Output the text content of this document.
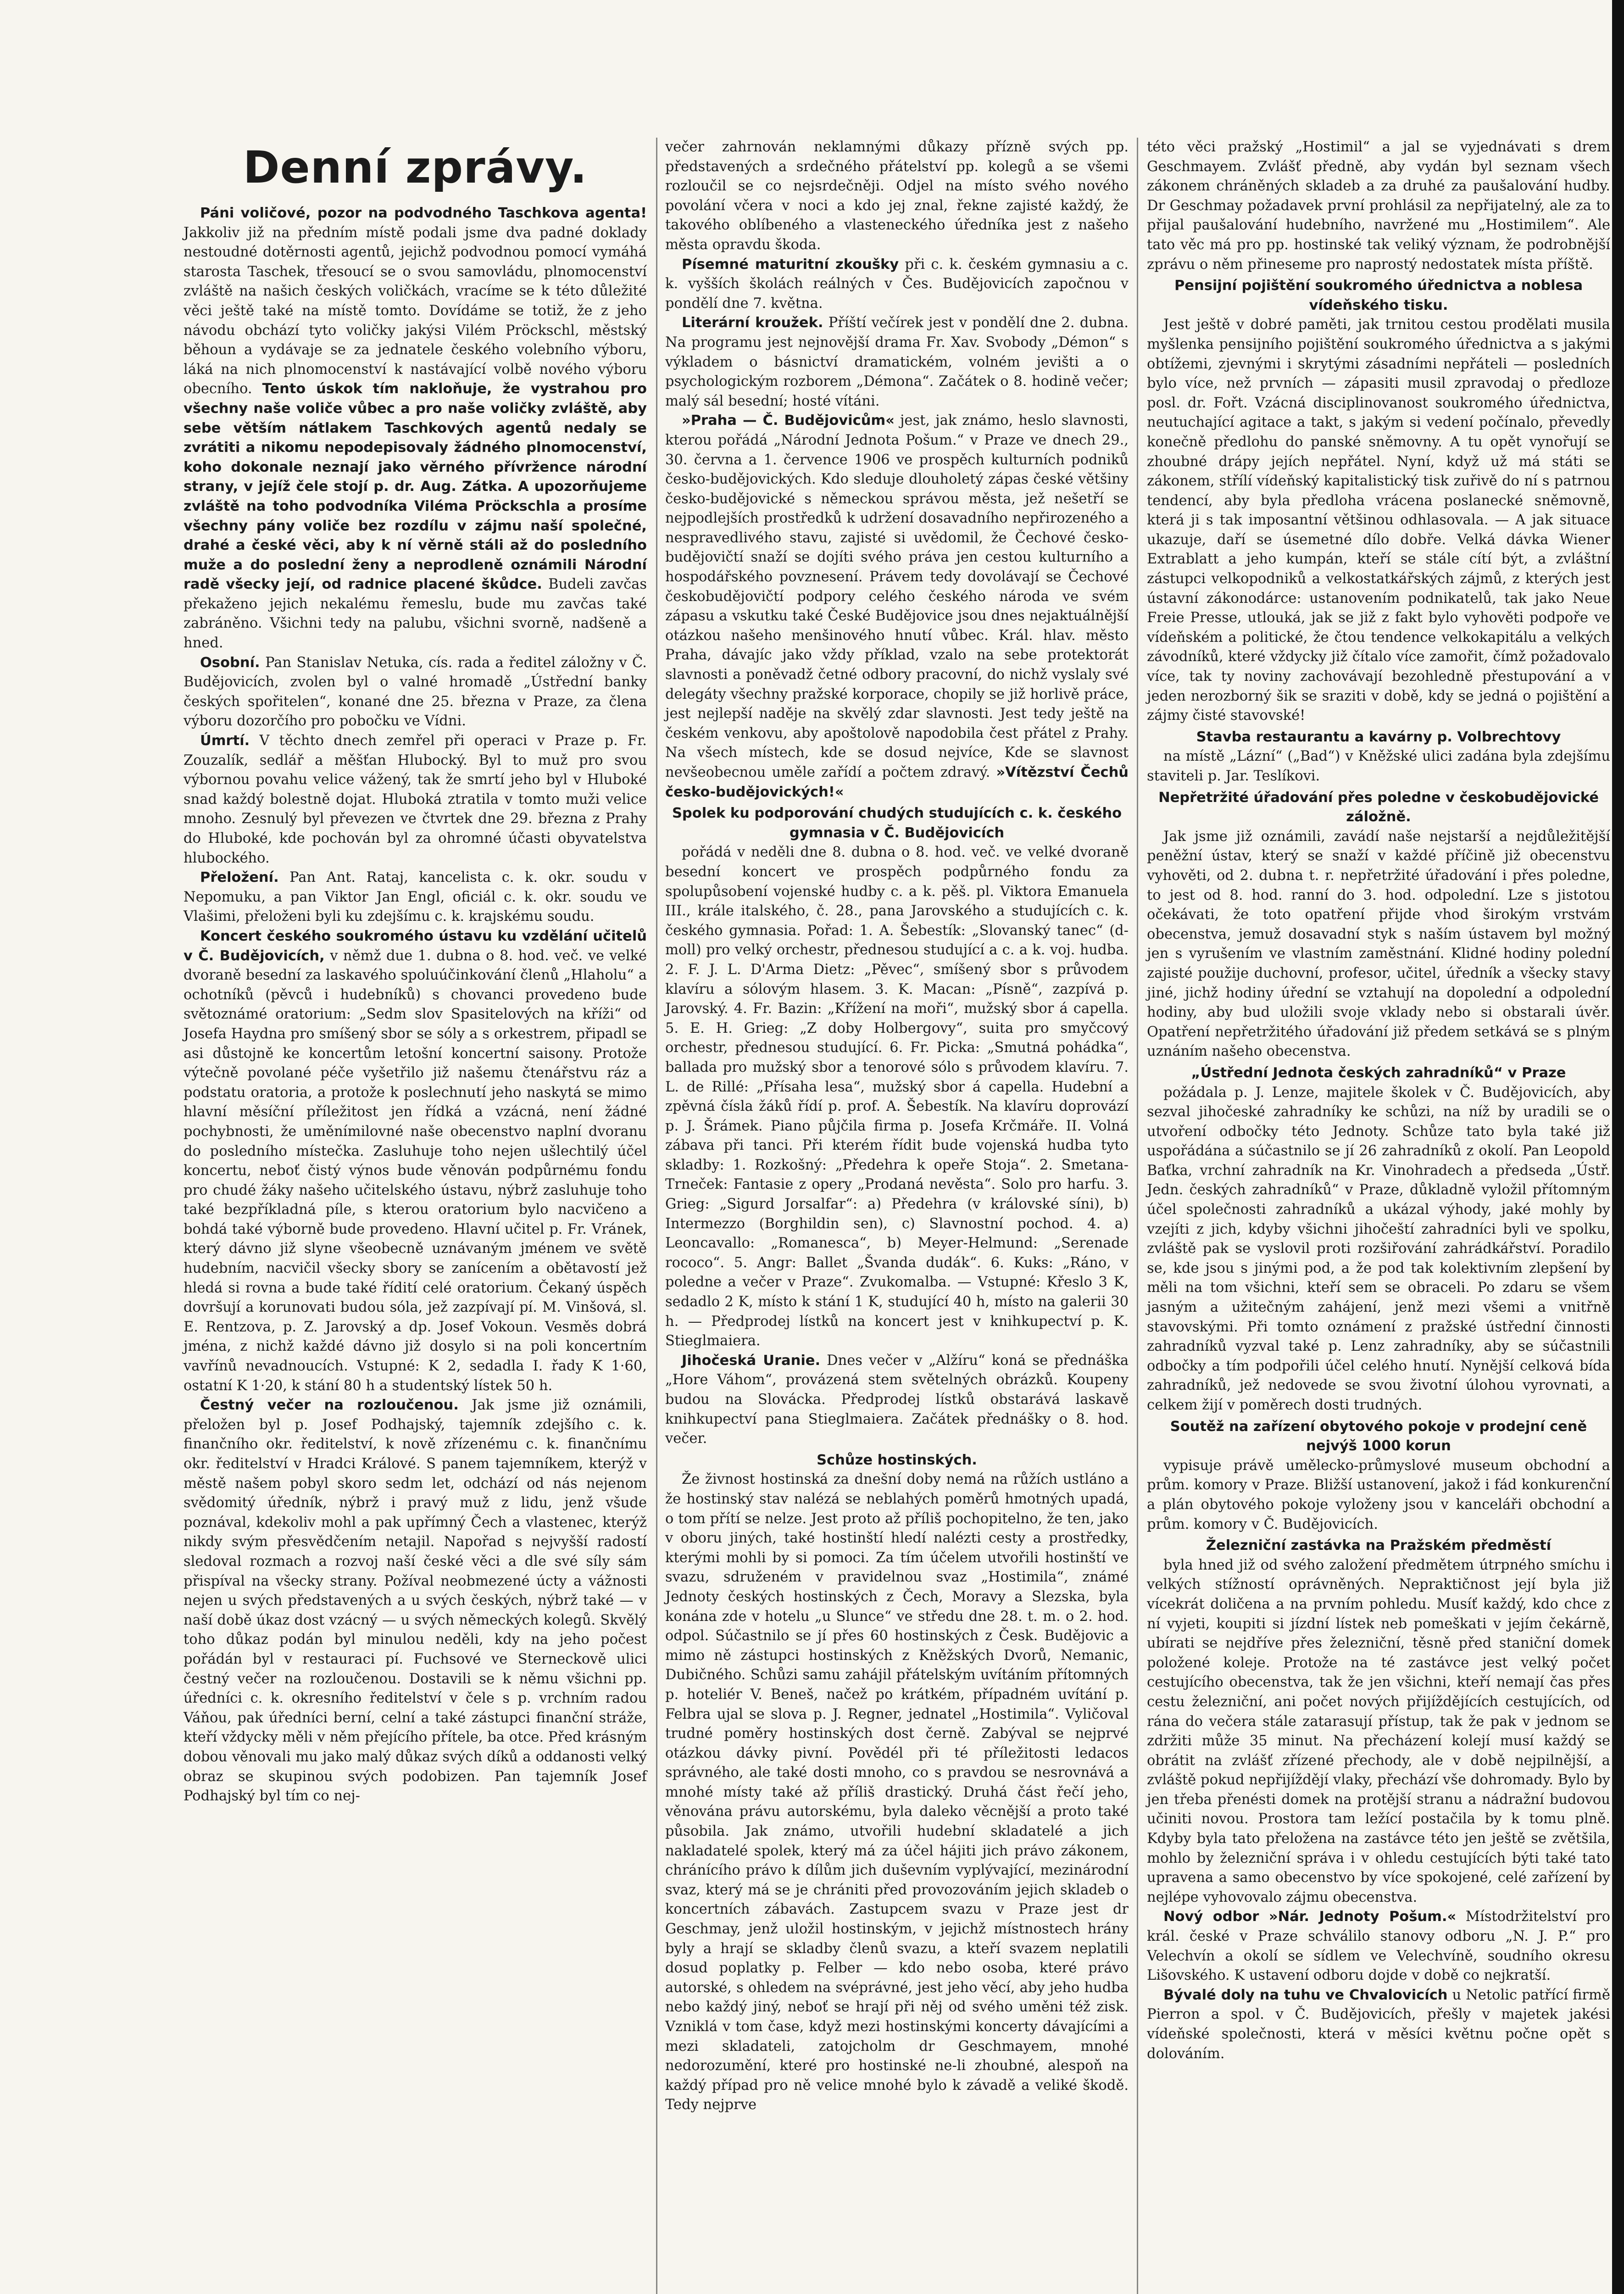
Denní zprávy.

Páni voličové, pozor na podvodného Taschkova agenta! Jakkoliv již na předním místě podali jsme dva padné doklady nestoudné dotěrnosti agentů, jejichž podvodnou pomocí vymáhá starosta Taschek, třesoucí se o svou samovládu, plnomocenství zvláště na našich českých voličkách, vracíme se k této důležité věci ještě také na místě tomto. Dovídáme se totiž, že z jeho návodu obchází tyto voličky jakýsi Vilém Pröckschl, městský běhoun a vydávaje se za jednatele českého volebního výboru, láká na nich plnomocenství k nastávající volbě nového výboru obecního. Tento úskok tím nakloňuje, že vystrahou pro všechny naše voliče vůbec a pro naše voličky zvláště, aby sebe větším nátlakem Taschkových agentů nedaly se zvrátiti a nikomu nepodepisovaly žádného plnomocenství, koho dokonale neznají jako věrného přívržence národní strany, v jejíž čele stojí p. dr. Aug. Zátka. A upozorňujeme zvláště na toho podvodníka Viléma Pröckschla a prosíme všechny pány voliče bez rozdílu v zájmu naší společné, drahé a české věci, aby k ní věrně stáli až do posledního muže a do poslední ženy a neprodleně oznámili Národní radě všecky její, od radnice placené škůdce. Budeli zavčas překaženo jejich nekalému řemeslu, bude mu zavčas také zabráněno. Všichni tedy na palubu, všichni svorně, nadšeně a hned.

Osobní. Pan Stanislav Netuka, cís. rada a ředitel záložny v Č. Budějovicích, zvolen byl o valné hromadě „Ústřední banky českých spořitelen“, konané dne 25. března v Praze, za člena výboru dozorčího pro pobočku ve Vídni.

Úmrtí. V těchto dnech zemřel při operaci v Praze p. Fr. Zouzalík, sedlář a měšťan Hlubocký. Byl to muž pro svou výbornou povahu velice vážený, tak že smrtí jeho byl v Hluboké snad každý bolestně dojat. Hluboká ztratila v tomto muži velice mnoho. Zesnulý byl převezen ve čtvrtek dne 29. března z Prahy do Hluboké, kde pochován byl za ohromné účasti obyvatelstva hlubockého.

Přeložení. Pan Ant. Rataj, kancelista c. k. okr. soudu v Nepomuku, a pan Viktor Jan Engl, oficiál c. k. okr. soudu ve Vlašimi, přeloženi byli ku zdejšímu c. k. krajskému soudu.

Koncert českého soukromého ústavu ku vzdělání učitelů v Č. Budějovicích, v němž due 1. dubna o 8. hod. več. ve velké dvoraně besední za laskavého spoluúčinkování členů „Hlaholu“ a ochotníků (pěvců i hudebníků) s chovanci provedeno bude světoznámé oratorium: „Sedm slov Spasitelových na kříži“ od Josefa Haydna pro smíšený sbor se sóly a s orkestrem, připadl se asi důstojně ke koncertům letošní koncertní saisony. Protože výtečně povolané péče vyšetřilo již našemu čtenářstvu ráz a podstatu oratoria, a protože k poslechnutí jeho naskytá se mimo hlavní měsíční příležitost jen řídká a vzácná, není žádné pochybnosti, že uměnímilovné naše obecenstvo naplní dvoranu do posledního místečka. Zasluhuje toho nejen ušlechtilý účel koncertu, neboť čistý výnos bude věnován podpůrnému fondu pro chudé žáky našeho učitelského ústavu, nýbrž zasluhuje toho také bezpříkladná píle, s kterou oratorium bylo nacvičeno a bohdá také výborně bude provedeno. Hlavní učitel p. Fr. Vránek, který dávno již slyne všeobecně uznávaným jménem ve světě hudebním, nacvičil všecky sbory se zanícením a obětavostí jež hledá si rovna a bude také řídití celé oratorium. Čekaný úspěch dovršují a korunovati budou sóla, jež zazpívají pí. M. Vinšová, sl. E. Rentzova, p. Z. Jarovský a dp. Josef Vokoun. Vesměs dobrá jména, z nichž každé dávno již dosylo si na poli koncertním vavřínů nevadnoucích. Vstupné: K 2, sedadla I. řady K 1·60, ostatní K 1·20, k stání 80 h a studentský lístek 50 h.

Čestný večer na rozloučenou. Jak jsme již oznámili, přeložen byl p. Josef Podhajský, tajemník zdejšího c. k. finančního okr. ředitelství, k nově zřízenému c. k. finančnímu okr. ředitelství v Hradci Králové. S panem tajemníkem, kterýž v městě našem pobyl skoro sedm let, odchází od nás nejenom svědomitý úředník, nýbrž i pravý muž z lidu, jenž všude poznával, kdekoliv mohl a pak upřímný Čech a vlastenec, kterýž nikdy svým přesvědčením netajil. Napořad s nejvyšší radostí sledoval rozmach a rozvoj naší české věci a dle své síly sám přispíval na všecky strany. Požíval neobmezené úcty a vážnosti nejen u svých představených a u svých českých, nýbrž také — v naší době úkaz dost vzácný — u svých německých kolegů. Skvělý toho důkaz podán byl minulou neděli, kdy na jeho počest pořádán byl v restauraci pí. Fuchsové ve Sterneckově ulici čestný večer na rozloučenou. Dostavili se k němu všichni pp. úředníci c. k. okresního ředitelství v čele s p. vrchním radou Váňou, pak úředníci berní, celní a také zástupci finanční stráže, kteří vždycky měli v něm přejícího přítele, ba otce. Před krásným dobou věnovali mu jako malý důkaz svých díků a oddanosti velký obraz se skupinou svých podobizen. Pan tajemník Josef Podhajský byl tím co nej-

večer zahrnován neklamnými důkazy přízně svých pp. představených a srdečného přátelství pp. kolegů a se všemi rozloučil se co nejsrdečněji. Odjel na místo svého nového povolání včera v noci a kdo jej znal, řekne zajisté každý, že takového oblíbeného a vlasteneckého úředníka jest z našeho města opravdu škoda.

Písemné maturitní zkoušky při c. k. českém gymnasiu a c. k. vyšších školách reálných v Čes. Budějovicích započnou v pondělí dne 7. května.

Literární kroužek. Příští večírek jest v pondělí dne 2. dubna. Na programu jest nejnovější drama Fr. Xav. Svobody „Démon“ s výkladem o básnictví dramatickém, volném jevišti a o psychologickým rozborem „Démona“. Začátek o 8. hodině večer; malý sál besední; hosté vítáni.

»Praha — Č. Budějovicům« jest, jak známo, heslo slavnosti, kterou pořádá „Národní Jednota Pošum.“ v Praze ve dnech 29., 30. června a 1. července 1906 ve prospěch kulturních podniků česko-budějovických. Kdo sleduje dlouholetý zápas české většiny česko-budějovické s německou správou města, jež nešetří se nejpodlejších prostředků k udržení dosavadního nepřirozeného a nespravedlivého stavu, zajisté si uvědomil, že Čechové česko-budějovičtí snaží se dojíti svého práva jen cestou kulturního a hospodářského povznesení. Právem tedy dovolávají se Čechové českobudějovičtí podpory celého českého národa ve svém zápasu a vskutku také České Budějovice jsou dnes nejaktuálnější otázkou našeho menšinového hnutí vůbec. Král. hlav. město Praha, dávajíc jako vždy příklad, vzalo na sebe protektorát slavnosti a poněvadž četné odbory pracovní, do nichž vyslaly své delegáty všechny pražské korporace, chopily se již horlivě práce, jest nejlepší naděje na skvělý zdar slavnosti. Jest tedy ještě na českém venkovu, aby apoštolově napodobila čest přátel z Prahy. Na všech místech, kde se dosud nejvíce, Kde se slavnost nevšeobecnou uměle zařídí a počtem zdravý. »Vítězství Čechů česko-budějovických!«

Spolek ku podporování chudých studujících c. k. českého gymnasia v Č. Budějovicích

pořádá v neděli dne 8. dubna o 8. hod. več. ve velké dvoraně besední koncert ve prospěch podpůrného fondu za spolupůsobení vojenské hudby c. a k. pěš. pl. Viktora Emanuela III., krále italského, č. 28., pana Jarovského a studujících c. k. českého gymnasia. Pořad: 1. A. Šebestík: „Slovanský tanec“ (d-moll) pro velký orchestr, přednesou studující a c. a k. voj. hudba. 2. F. J. L. D'Arma Dietz: „Pěvec“, smíšený sbor s průvodem klavíru a sólovým hlasem. 3. K. Macan: „Písně“, zazpívá p. Jarovský. 4. Fr. Bazin: „Křížení na moři“, mužský sbor á capella. 5. E. H. Grieg: „Z doby Holbergovy“, suita pro smyčcový orchestr, přednesou studující. 6. Fr. Picka: „Smutná pohádka“, ballada pro mužský sbor a tenorové sólo s průvodem klavíru. 7. L. de Rillé: „Přísaha lesa“, mužský sbor á capella. Hudební a zpěvná čísla žáků řídí p. prof. A. Šebestík. Na klavíru doprovází p. J. Šrámek. Piano půjčila firma p. Josefa Krčmáře. II. Volná zábava při tanci. Při kterém řídit bude vojenská hudba tyto skladby: 1. Rozkošný: „Předehra k opeře Stoja“. 2. Smetana-Trneček: Fantasie z opery „Prodaná nevěsta“. Solo pro harfu. 3. Grieg: „Sigurd Jorsalfar“: a) Předehra (v královské síni), b) Intermezzo (Borghildin sen), c) Slavnostní pochod. 4. a) Leoncavallo: „Romanesca“, b) Meyer-Helmund: „Serenade rococo“. 5. Angr: Ballet „Švanda dudák“. 6. Kuks: „Ráno, v poledne a večer v Praze“. Zvukomalba. — Vstupné: Křeslo 3 K, sedadlo 2 K, místo k stání 1 K, studující 40 h, místo na galerii 30 h. — Předprodej lístků na koncert jest v knihkupectví p. K. Stieglmaiera.

Jihočeská Uranie. Dnes večer v „Alžíru“ koná se přednáška „Hore Váhom“, provázená stem světelných obrázků. Koupeny budou na Slovácka. Předprodej lístků obstarává laskavě knihkupectví pana Stieglmaiera. Začátek přednášky o 8. hod. večer.

Schůze hostinských.

Že živnost hostinská za dnešní doby nemá na růžích ustláno a že hostinský stav nalézá se neblahých poměrů hmotných upadá, o tom přítí se nelze. Jest proto až příliš pochopitelno, že ten, jako v oboru jiných, také hostinští hledí nalézti cesty a prostředky, kterými mohli by si pomoci. Za tím účelem utvořili hostinští ve svazu, sdruženém v pravidelnou svaz „Hostimila“, známé Jednoty českých hostinských z Čech, Moravy a Slezska, byla konána zde v hotelu „u Slunce“ ve středu dne 28. t. m. o 2. hod. odpol. Súčastnilo se jí přes 60 hostinských z Česk. Budějovic a mimo ně zástupci hostinských z Kněžských Dvorů, Nemanic, Dubičného. Schůzi samu zahájil přátelským uvítáním přítomných p. hoteliér V. Beneš, načež po krátkém, případném uvítání p. Felbra ujal se slova p. J. Regner, jednatel „Hostimila“. Vyličoval trudné poměry hostinských dost černě. Zabýval se nejprvé otázkou dávky pivní. Povědél při té příležitosti ledacos správného, ale také dosti mnoho, co s pravdou se nesrovnává a mnohé místy také až příliš drastický. Druhá část řečí jeho, věnována právu autorskému, byla daleko věcnější a proto také působila. Jak známo, utvořili hudební skladatelé a jich nakladatelé spolek, který má za účel hájiti jich právo zákonem, chránícího právo k dílům jich duševním vyplývající, mezinárodní svaz, který má se je chrániti před provozováním jejich skladeb o koncertních zábavách. Zastupcem svazu v Praze jest dr Geschmay, jenž uložil hostinským, v jejichž místnostech hrány byly a hrají se skladby členů svazu, a kteří svazem neplatili dosud poplatky p. Felber — kdo nebo osoba, které právo autorské, s ohledem na svéprávné, jest jeho věcí, aby jeho hudba nebo každý jiný, neboť se hrají při něj od svého uměni též zisk. Vzniklá v tom čase, když mezi hostinskými koncerty dávajícími a mezi skladateli, zatojcholm dr Geschmayem, mnohé nedorozumění, které pro hostinské ne-li zhoubné, alespoň na každý případ pro ně velice mnohé bylo k závadě a veliké škodě. Tedy nejprve

této věci pražský „Hostimil“ a jal se vyjednávati s drem Geschmayem. Zvlášť předně, aby vydán byl seznam všech zákonem chráněných skladeb a za druhé za paušalování hudby. Dr Geschmay požadavek první prohlásil za nepřijatelný, ale za to přijal paušalování hudebního, navržené mu „Hostimilem“. Ale tato věc má pro pp. hostinské tak veliký význam, že podrobnější zprávu o něm přineseme pro naprostý nedostatek místa příště.

Pensijní pojištění soukromého úřednictva a noblesa vídeňského tisku.

Jest ještě v dobré paměti, jak trnitou cestou prodělati musila myšlenka pensijního pojištění soukromého úřednictva a s jakými obtížemi, zjevnými i skrytými zásadními nepřáteli — posledních bylo více, než prvních — zápasiti musil zpravodaj o předloze posl. dr. Fořt. Vzácná disciplinovanost soukromého úřednictva, neutuchající agitace a takt, s jakým si vedení počínalo, převedly konečně předlohu do panské sněmovny. A tu opět vynořují se zhoubné drápy jejích nepřátel. Nyní, když už má státi se zákonem, střílí vídeňský kapitalistický tisk zuřivě do ní s patrnou tendencí, aby byla předloha vrácena poslanecké sněmovně, která ji s tak imposantní většinou odhlasovala. — A jak situace ukazuje, daří se úsemetné dílo dobře. Velká dávka Wiener Extrablatt a jeho kumpán, kteří se stále cítí být, a zvláštní zástupci velkopodniků a velkostatkářských zájmů, z kterých jest ústavní zákonodárce: ustanovením podnikatelů, tak jako Neue Freie Presse, utlouká, jak se již z fakt bylo vyhověti podpoře ve vídeňském a politické, že čtou tendence velkokapitálu a velkých závodníků, které vždycky již čítalo více zamořit, čímž požadovalo více, tak ty noviny zachovávají bezohledně přestupování a v jeden nerozborný šik se sraziti v době, kdy se jedná o pojištění a zájmy čisté stavovské!

Stavba restaurantu a kavárny p. Volbrechtovy

na místě „Lázní“ („Bad“) v Kněžské ulici zadána byla zdejšímu staviteli p. Jar. Teslíkovi.

Nepřetržité úřadování přes poledne v českobudějovické záložně.

Jak jsme již oznámili, zavádí naše nejstarší a nejdůležitější peněžní ústav, který se snaží v každé příčině již obecenstvu vyhověti, od 2. dubna t. r. nepřetržité úřadování i přes poledne, to jest od 8. hod. ranní do 3. hod. odpolední. Lze s jistotou očekávati, že toto opatření přijde vhod širokým vrstvám obecenstva, jemuž dosavadní styk s naším ústavem byl možný jen s vyrušením ve vlastním zaměstnání. Klidné hodiny polední zajisté použije duchovní, profesor, učitel, úředník a všecky stavy jiné, jichž hodiny úřední se vztahují na dopolední a odpolední hodiny, aby bud uložili svoje vklady nebo si obstarali úvěr. Opatření nepřetržitého úřadování již předem setkává se s plným uznáním našeho obecenstva.

„Ústřední Jednota českých zahradníků“ v Praze

požádala p. J. Lenze, majitele školek v Č. Budějovicích, aby sezval jihočeské zahradníky ke schůzi, na níž by uradili se o utvoření odbočky této Jednoty. Schůze tato byla také již uspořádána a súčastnilo se jí 26 zahradníků z okolí. Pan Leopold Baťka, vrchní zahradník na Kr. Vinohradech a předseda „Ústř. Jedn. českých zahradníků“ v Praze, důkladně vyložil přítomným účel společnosti zahradníků a ukázal výhody, jaké mohly by vzejíti z jich, kdyby všichni jihočeští zahradníci byli ve spolku, zvláště pak se vyslovil proti rozšiřování zahrádkářství. Poradilo se, kde jsou s jinými pod, a že pod tak kolektivním zlepšení by měli na tom všichni, kteří sem se obraceli. Po zdaru se všem jasným a užitečným zahájení, jenž mezi všemi a vnitřně stavovskými. Při tomto oznámení z pražské ústřední činnosti zahradníků vyzval také p. Lenz zahradníky, aby se súčastnili odbočky a tím podpořili účel celého hnutí. Nynější celková bída zahradníků, jež nedovede se svou životní úlohou vyrovnati, a celkem žijí v poměrech dosti trudných.

Soutěž na zařízení obytového pokoje v prodejní ceně nejvýš 1000 korun

vypisuje právě umělecko-průmyslové museum obchodní a prům. komory v Praze. Bližší ustanovení, jakož i fád konkurenční a plán obytového pokoje vyloženy jsou v kanceláři obchodní a prům. komory v Č. Budějovicích.

Železniční zastávka na Pražském předměstí

byla hned již od svého založení předmětem útrpného smíchu i velkých stížností oprávněných. Nepraktičnost její byla již vícekrát doličena a na prvním pohledu. Musíť každý, kdo chce z ní vyjeti, koupiti si jízdní lístek neb pomeškati v jejím čekárně, ubírati se nejdříve přes železniční, těsně před staniční domek položené koleje. Protože na té zastávce jest velký počet cestujícího obecenstva, tak že jen všichni, kteří nemají čas přes cestu železniční, ani počet nových přijíždějících cestujících, od rána do večera stále zatarasují přístup, tak že pak v jednom se zdržiti může 35 minut. Na přecházení kolejí musí každý se obrátit na zvlášť zřízené přechody, ale v době nejpilnější, a zvláště pokud nepřijíždějí vlaky, přechází vše dohromady. Bylo by jen třeba přenésti domek na protější stranu a nádražní budovou učiniti novou. Prostora tam ležící postačila by k tomu plně. Kdyby byla tato přeložena na zastávce této jen ještě se zvětšila, mohlo by železniční správa i v ohledu cestujících býti také tato upravena a samo obecenstvo by více spokojené, celé zařízení by nejlépe vyhovovalo zájmu obecenstva.

Nový odbor »Nár. Jednoty Pošum.« Místodržitelství pro král. české v Praze schválilo stanovy odboru „N. J. P.“ pro Velechvín a okolí se sídlem ve Velechvíně, soudního okresu Lišovského. K ustavení odboru dojde v době co nejkratší.

Bývalé doly na tuhu ve Chvalovicích u Netolic patřící firmě Pierron a spol. v Č. Budějovicích, přešly v majetek jakési vídeňské společnosti, která v měsíci květnu počne opět s dolováním.
